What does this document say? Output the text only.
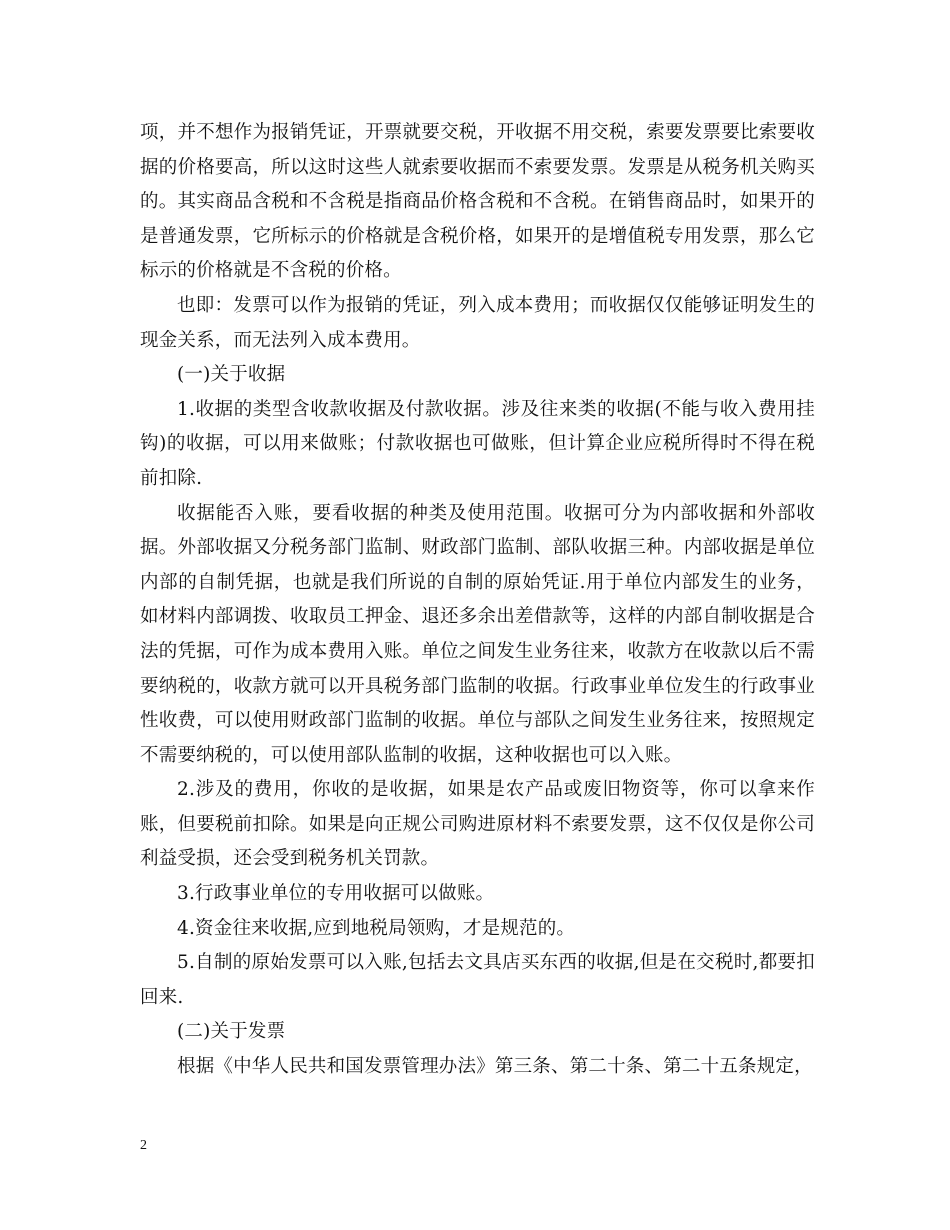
项，并不想作为报销凭证，开票就要交税，开收据不用交税，索要发票要比索要收据的价格要高，所以这时这些人就索要收据而不索要发票。发票是从税务机关购买的。其实商品含税和不含税是指商品价格含税和不含税。在销售商品时，如果开的是普通发票，它所标示的价格就是含税价格，如果开的是增值税专用发票，那么它标示的价格就是不含税的价格。

也即：发票可以作为报销的凭证，列入成本费用；而收据仅仅能够证明发生的现金关系，而无法列入成本费用。

(一)关于收据

1.收据的类型含收款收据及付款收据。涉及往来类的收据(不能与收入费用挂钩)的收据，可以用来做账；付款收据也可做账，但计算企业应税所得时不得在税前扣除.

收据能否入账，要看收据的种类及使用范围。收据可分为内部收据和外部收据。外部收据又分税务部门监制、财政部门监制、部队收据三种。内部收据是单位内部的自制凭据，也就是我们所说的自制的原始凭证.用于单位内部发生的业务，如材料内部调拨、收取员工押金、退还多余出差借款等，这样的内部自制收据是合法的凭据，可作为成本费用入账。单位之间发生业务往来，收款方在收款以后不需要纳税的，收款方就可以开具税务部门监制的收据。行政事业单位发生的行政事业性收费，可以使用财政部门监制的收据。单位与部队之间发生业务往来，按照规定不需要纳税的，可以使用部队监制的收据，这种收据也可以入账。

2.涉及的费用，你收的是收据，如果是农产品或废旧物资等，你可以拿来作账，但要税前扣除。如果是向正规公司购进原材料不索要发票，这不仅仅是你公司利益受损，还会受到税务机关罚款。

3.行政事业单位的专用收据可以做账。

4.资金往来收据,应到地税局领购，才是规范的。

5.自制的原始发票可以入账,包括去文具店买东西的收据,但是在交税时,都要扣回来.

(二)关于发票

根据《中华人民共和国发票管理办法》第三条、第二十条、第二十五条规定，

2
